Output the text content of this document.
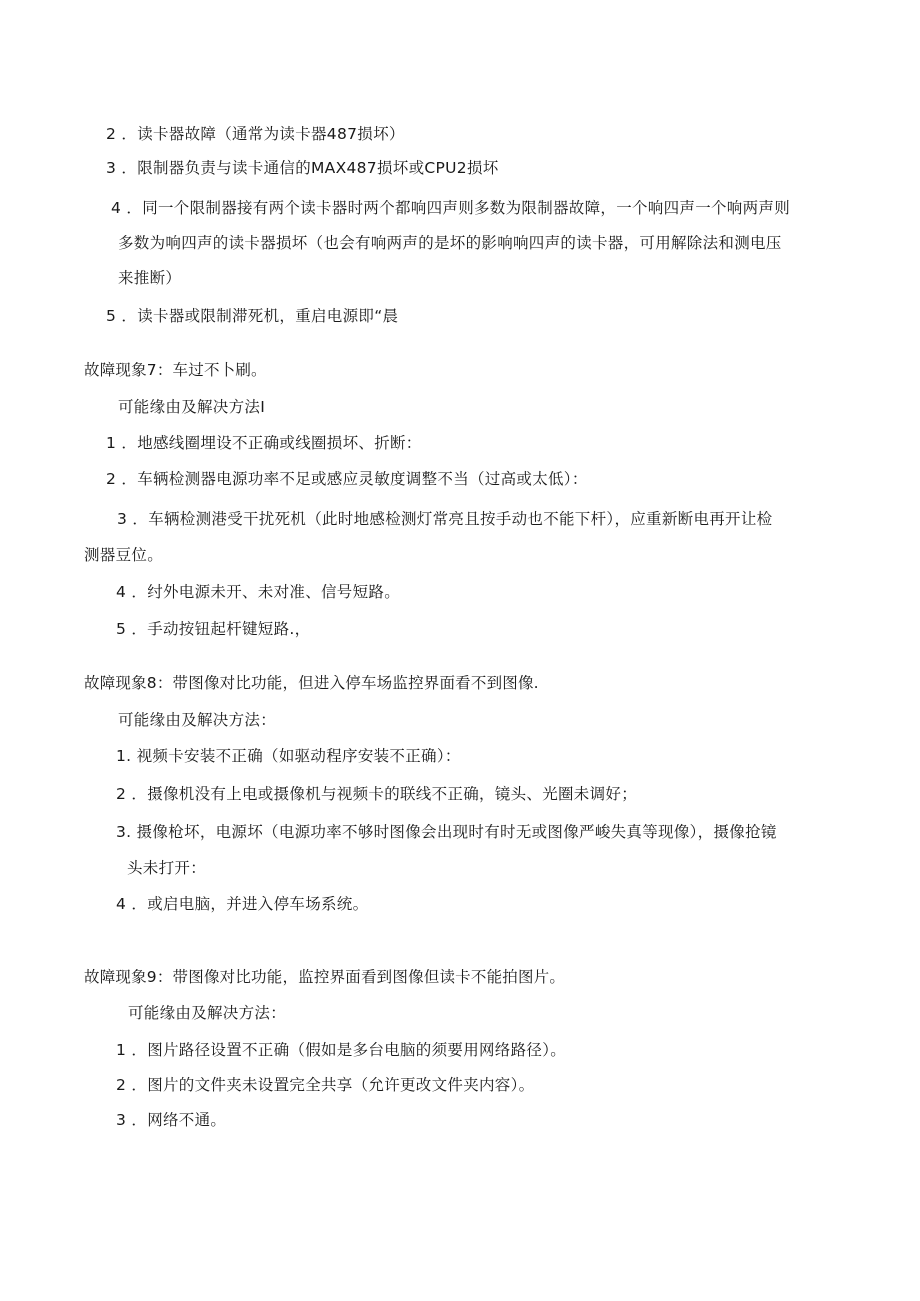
2 ．读卡器故障（通常为读卡器487损坏）
3 ．限制器负责与读卡通信的MAX487损坏或CPU2损坏
4 ．同一个限制器接有两个读卡器时两个都响四声则多数为限制器故障，一个响四声一个响两声则
多数为响四声的读卡器损坏（也会有响两声的是坏的影响响四声的读卡器，可用解除法和测电压
来推断）
5 ．读卡器或限制滞死机，重启电源即“晨
故障现象7：车过不卜刷。
可能缘由及解决方法I
1 ．地感线圈埋设不正确或线圈损坏、折断：
2 ．车辆检测器电源功率不足或感应灵敏度调整不当（过高或太低）：
3 ．车辆检测港受干扰死机（此时地感检测灯常亮且按手动也不能下杆），应重新断电再开让检
测器豆位。
4 ．纣外电源未开、未对准、信号短路。
5 ．手动按钮起杆键短路.，
故障现象8：带图像对比功能，但进入停车场监控界面看不到图像.
可能缘由及解决方法：
1. 视频卡安装不正确（如驱动程序安装不正确）：
2 ．摄像机没有上电或摄像机与视频卡的联线不正确，镜头、光圈未调好；
3. 摄像枪坏，电源坏（电源功率不够时图像会出现时有时无或图像严峻失真等现像），摄像抢镜
头未打开：
4 ．或启电脑，并进入停车场系统。
故障现象9：带图像对比功能，监控界面看到图像但读卡不能拍图片。
可能缘由及解决方法：
1 ．图片路径设置不正确（假如是多台电脑的须要用网络路径）。
2 ．图片的文件夹未设置完全共享（允许更改文件夹内容）。
3 ．网络不通。
